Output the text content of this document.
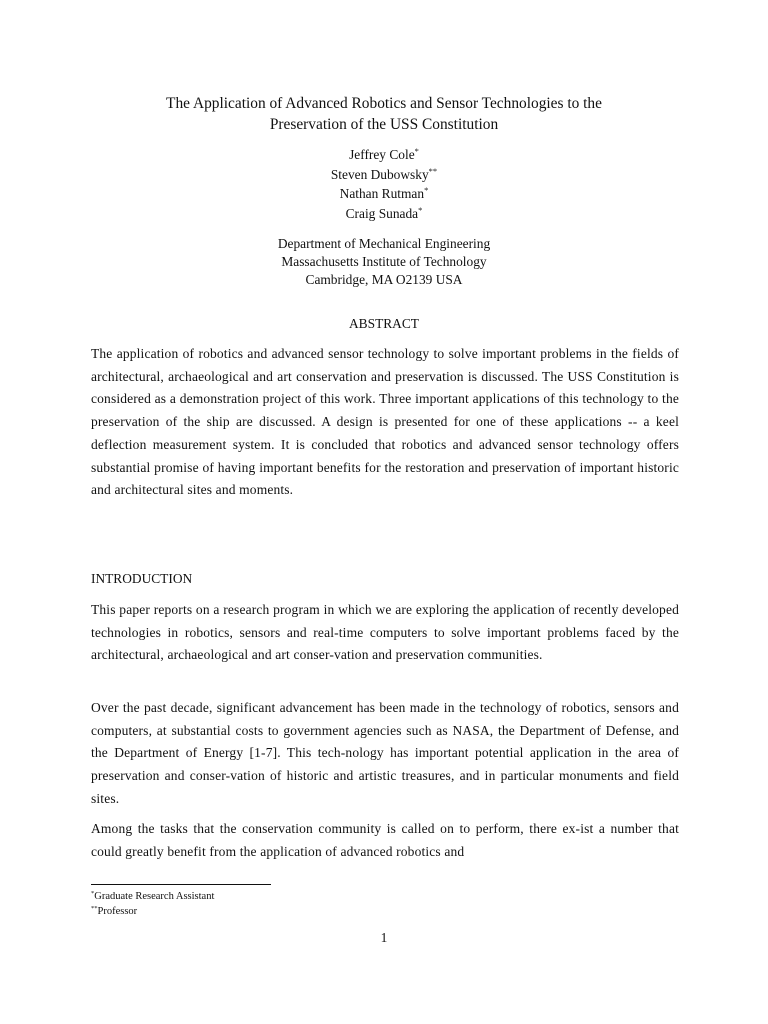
The Application of Advanced Robotics and Sensor Technologies to the
Preservation of the USS Constitution
Jeffrey Cole*
Steven Dubowsky**
Nathan Rutman*
Craig Sunada*
Department of Mechanical Engineering
Massachusetts Institute of Technology
Cambridge, MA O2139 USA
ABSTRACT
The application of robotics and advanced sensor technology to solve important problems in the fields of architectural, archaeological and art conservation and preservation is discussed. The USS Constitution is considered as a demonstration project of this work. Three important applications of this technology to the preservation of the ship are discussed. A design is presented for one of these applications -- a keel deflection measurement system. It is concluded that robotics and advanced sensor technology offers substantial promise of having important benefits for the restoration and preservation of important historic and architectural sites and moments.
INTRODUCTION
This paper reports on a research program in which we are exploring the application of recently developed technologies in robotics, sensors and real-time computers to solve important problems faced by the architectural, archaeological and art conser-vation and preservation communities.
Over the past decade, significant advancement has been made in the technology of robotics, sensors and computers, at substantial costs to government agencies such as NASA, the Department of Defense, and the Department of Energy [1-7]. This tech-nology has important potential application in the area of preservation and conser-vation of historic and artistic treasures, and in particular monuments and field sites.
Among the tasks that the conservation community is called on to perform, there ex-ist a number that could greatly benefit from the application of advanced robotics and
*Graduate Research Assistant
**Professor
1
